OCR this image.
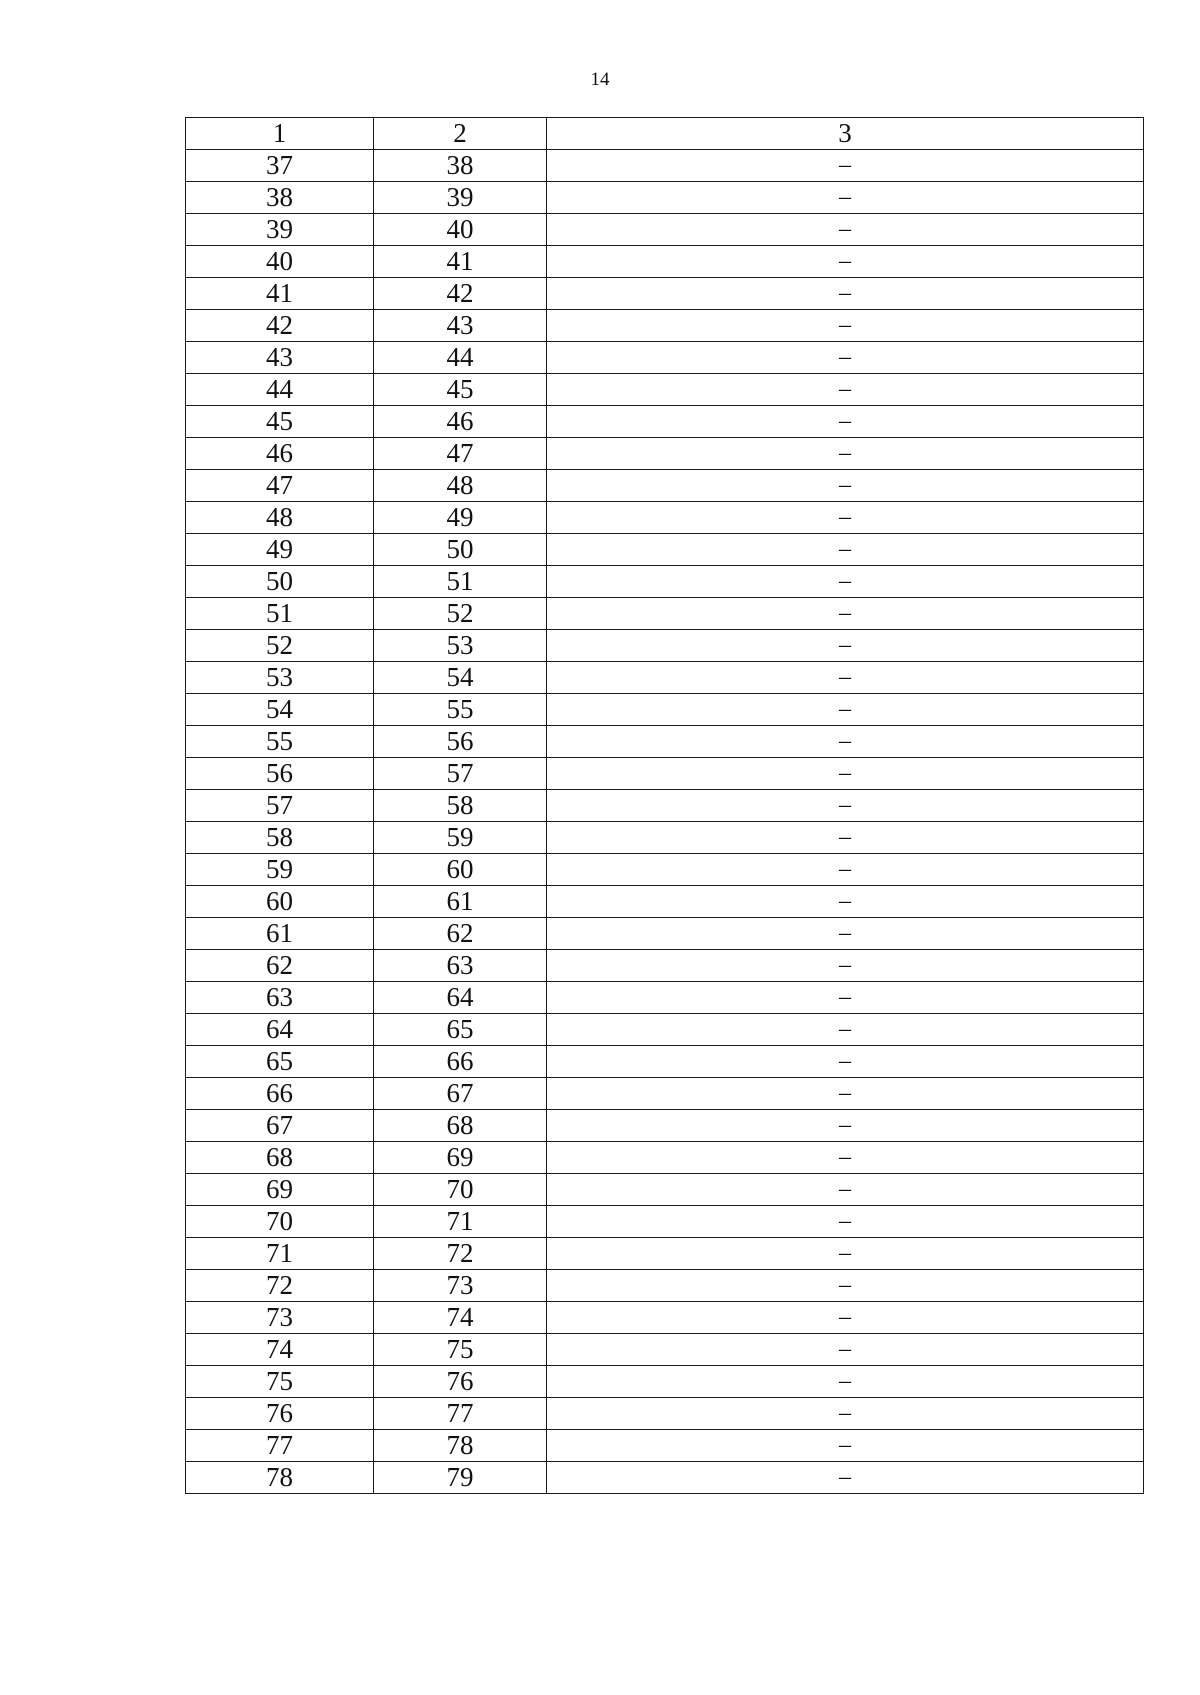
14
1	2	3
37	38	–
38	39	–
39	40	–
40	41	–
41	42	–
42	43	–
43	44	–
44	45	–
45	46	–
46	47	–
47	48	–
48	49	–
49	50	–
50	51	–
51	52	–
52	53	–
53	54	–
54	55	–
55	56	–
56	57	–
57	58	–
58	59	–
59	60	–
60	61	–
61	62	–
62	63	–
63	64	–
64	65	–
65	66	–
66	67	–
67	68	–
68	69	–
69	70	–
70	71	–
71	72	–
72	73	–
73	74	–
74	75	–
75	76	–
76	77	–
77	78	–
78	79	–
